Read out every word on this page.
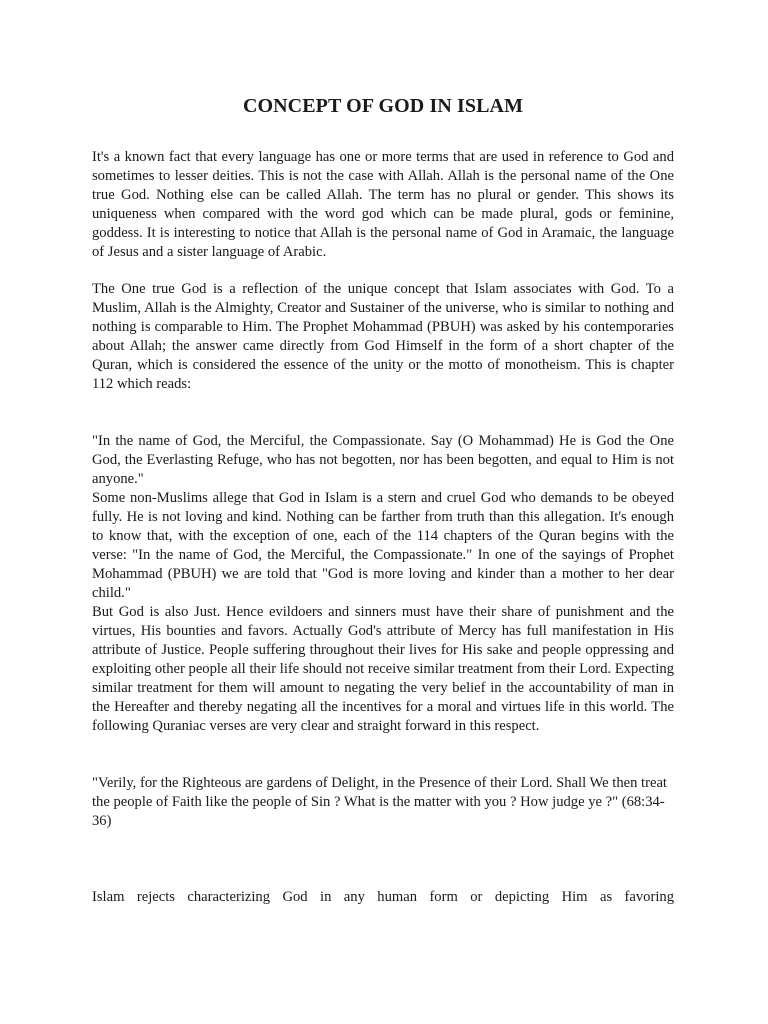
CONCEPT OF GOD IN ISLAM

It's a known fact that every language has one or more terms that are used in reference to God and sometimes to lesser deities. This is not the case with Allah. Allah is the personal name of the One true God. Nothing else can be called Allah. The term has no plural or gender. This shows its uniqueness when compared with the word god which can be made plural, gods or feminine, goddess. It is interesting to notice that Allah is the personal name of God in Aramaic, the language of Jesus and a sister language of Arabic.

The One true God is a reflection of the unique concept that Islam associates with God. To a Muslim, Allah is the Almighty, Creator and Sustainer of the universe, who is similar to nothing and nothing is comparable to Him. The Prophet Mohammad (PBUH) was asked by his contemporaries about Allah; the answer came directly from God Himself in the form of a short chapter of the Quran, which is considered the essence of the unity or the motto of monotheism. This is chapter 112 which reads:

"In the name of God, the Merciful, the Compassionate. Say (O Mohammad) He is God the One God, the Everlasting Refuge, who has not begotten, nor has been begotten, and equal to Him is not anyone."

Some non-Muslims allege that God in Islam is a stern and cruel God who demands to be obeyed fully. He is not loving and kind. Nothing can be farther from truth than this allegation. It's enough to know that, with the exception of one, each of the 114 chapters of the Quran begins with the verse: "In the name of God, the Merciful, the Compassionate." In one of the sayings of Prophet Mohammad (PBUH) we are told that "God is more loving and kinder than a mother to her dear child."

But God is also Just. Hence evildoers and sinners must have their share of punishment and the virtues, His bounties and favors. Actually God's attribute of Mercy has full manifestation in His attribute of Justice. People suffering throughout their lives for His sake and people oppressing and exploiting other people all their life should not receive similar treatment from their Lord. Expecting similar treatment for them will amount to negating the very belief in the accountability of man in the Hereafter and thereby negating all the incentives for a moral and virtues life in this world. The following Quraniac verses are very clear and straight forward in this respect.

"Verily, for the Righteous are gardens of Delight, in the Presence of their Lord. Shall We then treat the people of Faith like the people of Sin ? What is the matter with you ? How judge ye ?" (68:34-36)

Islam rejects characterizing God in any human form or depicting Him as favoring
